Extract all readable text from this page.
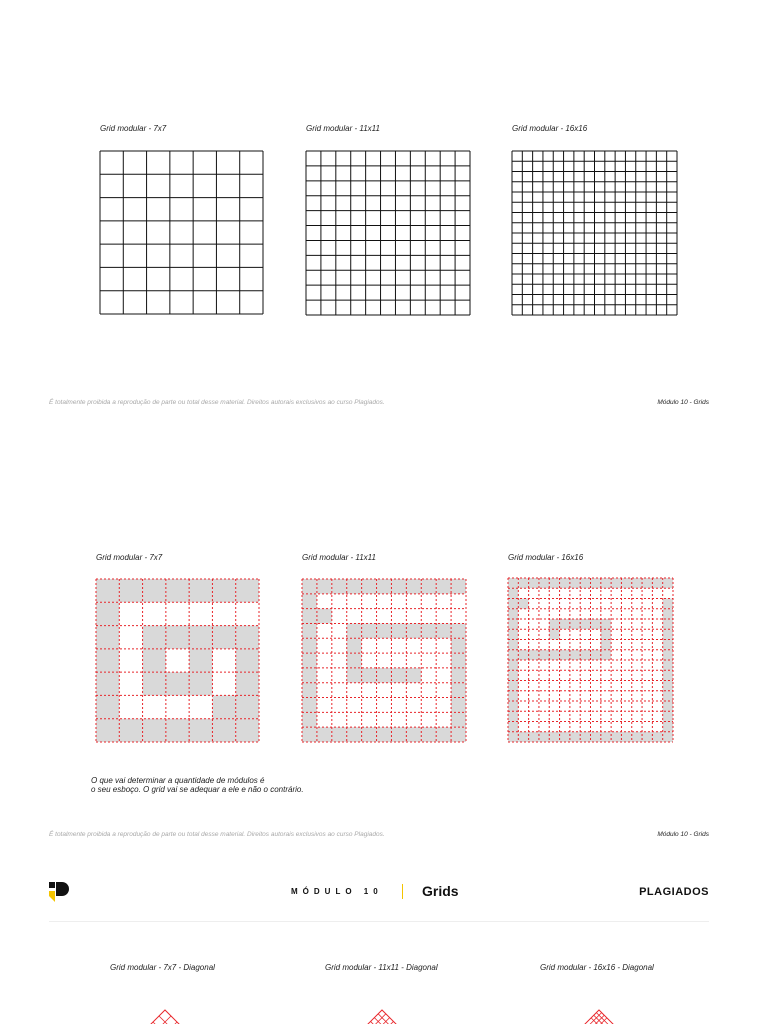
Grid modular - 7x7	Grid modular - 11x11	Grid modular - 16x16
É totalmente proibida a reprodução de parte ou total desse material. Direitos autorais exclusivos ao curso Plagiados.	Módulo 10 - Grids
Grid modular - 7x7	Grid modular - 11x11	Grid modular - 16x16
O que vai determinar a quantidade de módulos é
o seu esboço. O grid vai se adequar a ele e não o contrário.
É totalmente proibida a reprodução de parte ou total desse material. Direitos autorais exclusivos ao curso Plagiados.	Módulo 10 - Grids
MÓDULO 10	Grids	PLAGIADOS
Grid modular - 7x7 - Diagonal	Grid modular - 11x11 - Diagonal	Grid modular - 16x16 - Diagonal
